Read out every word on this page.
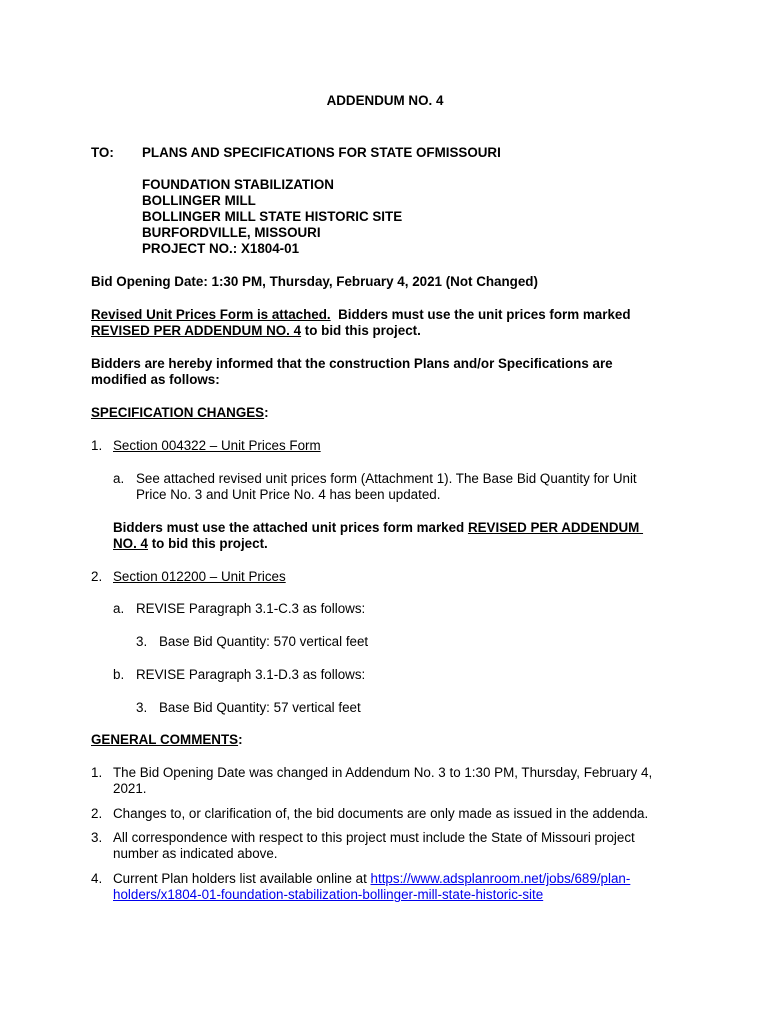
ADDENDUM NO. 4
TO: PLANS AND SPECIFICATIONS FOR STATE OFMISSOURI
FOUNDATION STABILIZATION
BOLLINGER MILL
BOLLINGER MILL STATE HISTORIC SITE
BURFORDVILLE, MISSOURI
PROJECT NO.: X1804-01
Bid Opening Date: 1:30 PM, Thursday, February 4, 2021 (Not Changed)
Revised Unit Prices Form is attached.  Bidders must use the unit prices form marked
REVISED PER ADDENDUM NO. 4 to bid this project.
Bidders are hereby informed that the construction Plans and/or Specifications are
modified as follows:
SPECIFICATION CHANGES:
1. Section 004322 – Unit Prices Form
a. See attached revised unit prices form (Attachment 1). The Base Bid Quantity for Unit
Price No. 3 and Unit Price No. 4 has been updated.
Bidders must use the attached unit prices form marked REVISED PER ADDENDUM
NO. 4 to bid this project.
2. Section 012200 – Unit Prices
a. REVISE Paragraph 3.1-C.3 as follows:
3. Base Bid Quantity: 570 vertical feet
b. REVISE Paragraph 3.1-D.3 as follows:
3. Base Bid Quantity: 57 vertical feet
GENERAL COMMENTS:
1. The Bid Opening Date was changed in Addendum No. 3 to 1:30 PM, Thursday, February 4,
2021.
2. Changes to, or clarification of, the bid documents are only made as issued in the addenda.
3. All correspondence with respect to this project must include the State of Missouri project
number as indicated above.
4. Current Plan holders list available online at https://www.adsplanroom.net/jobs/689/plan-
holders/x1804-01-foundation-stabilization-bollinger-mill-state-historic-site
